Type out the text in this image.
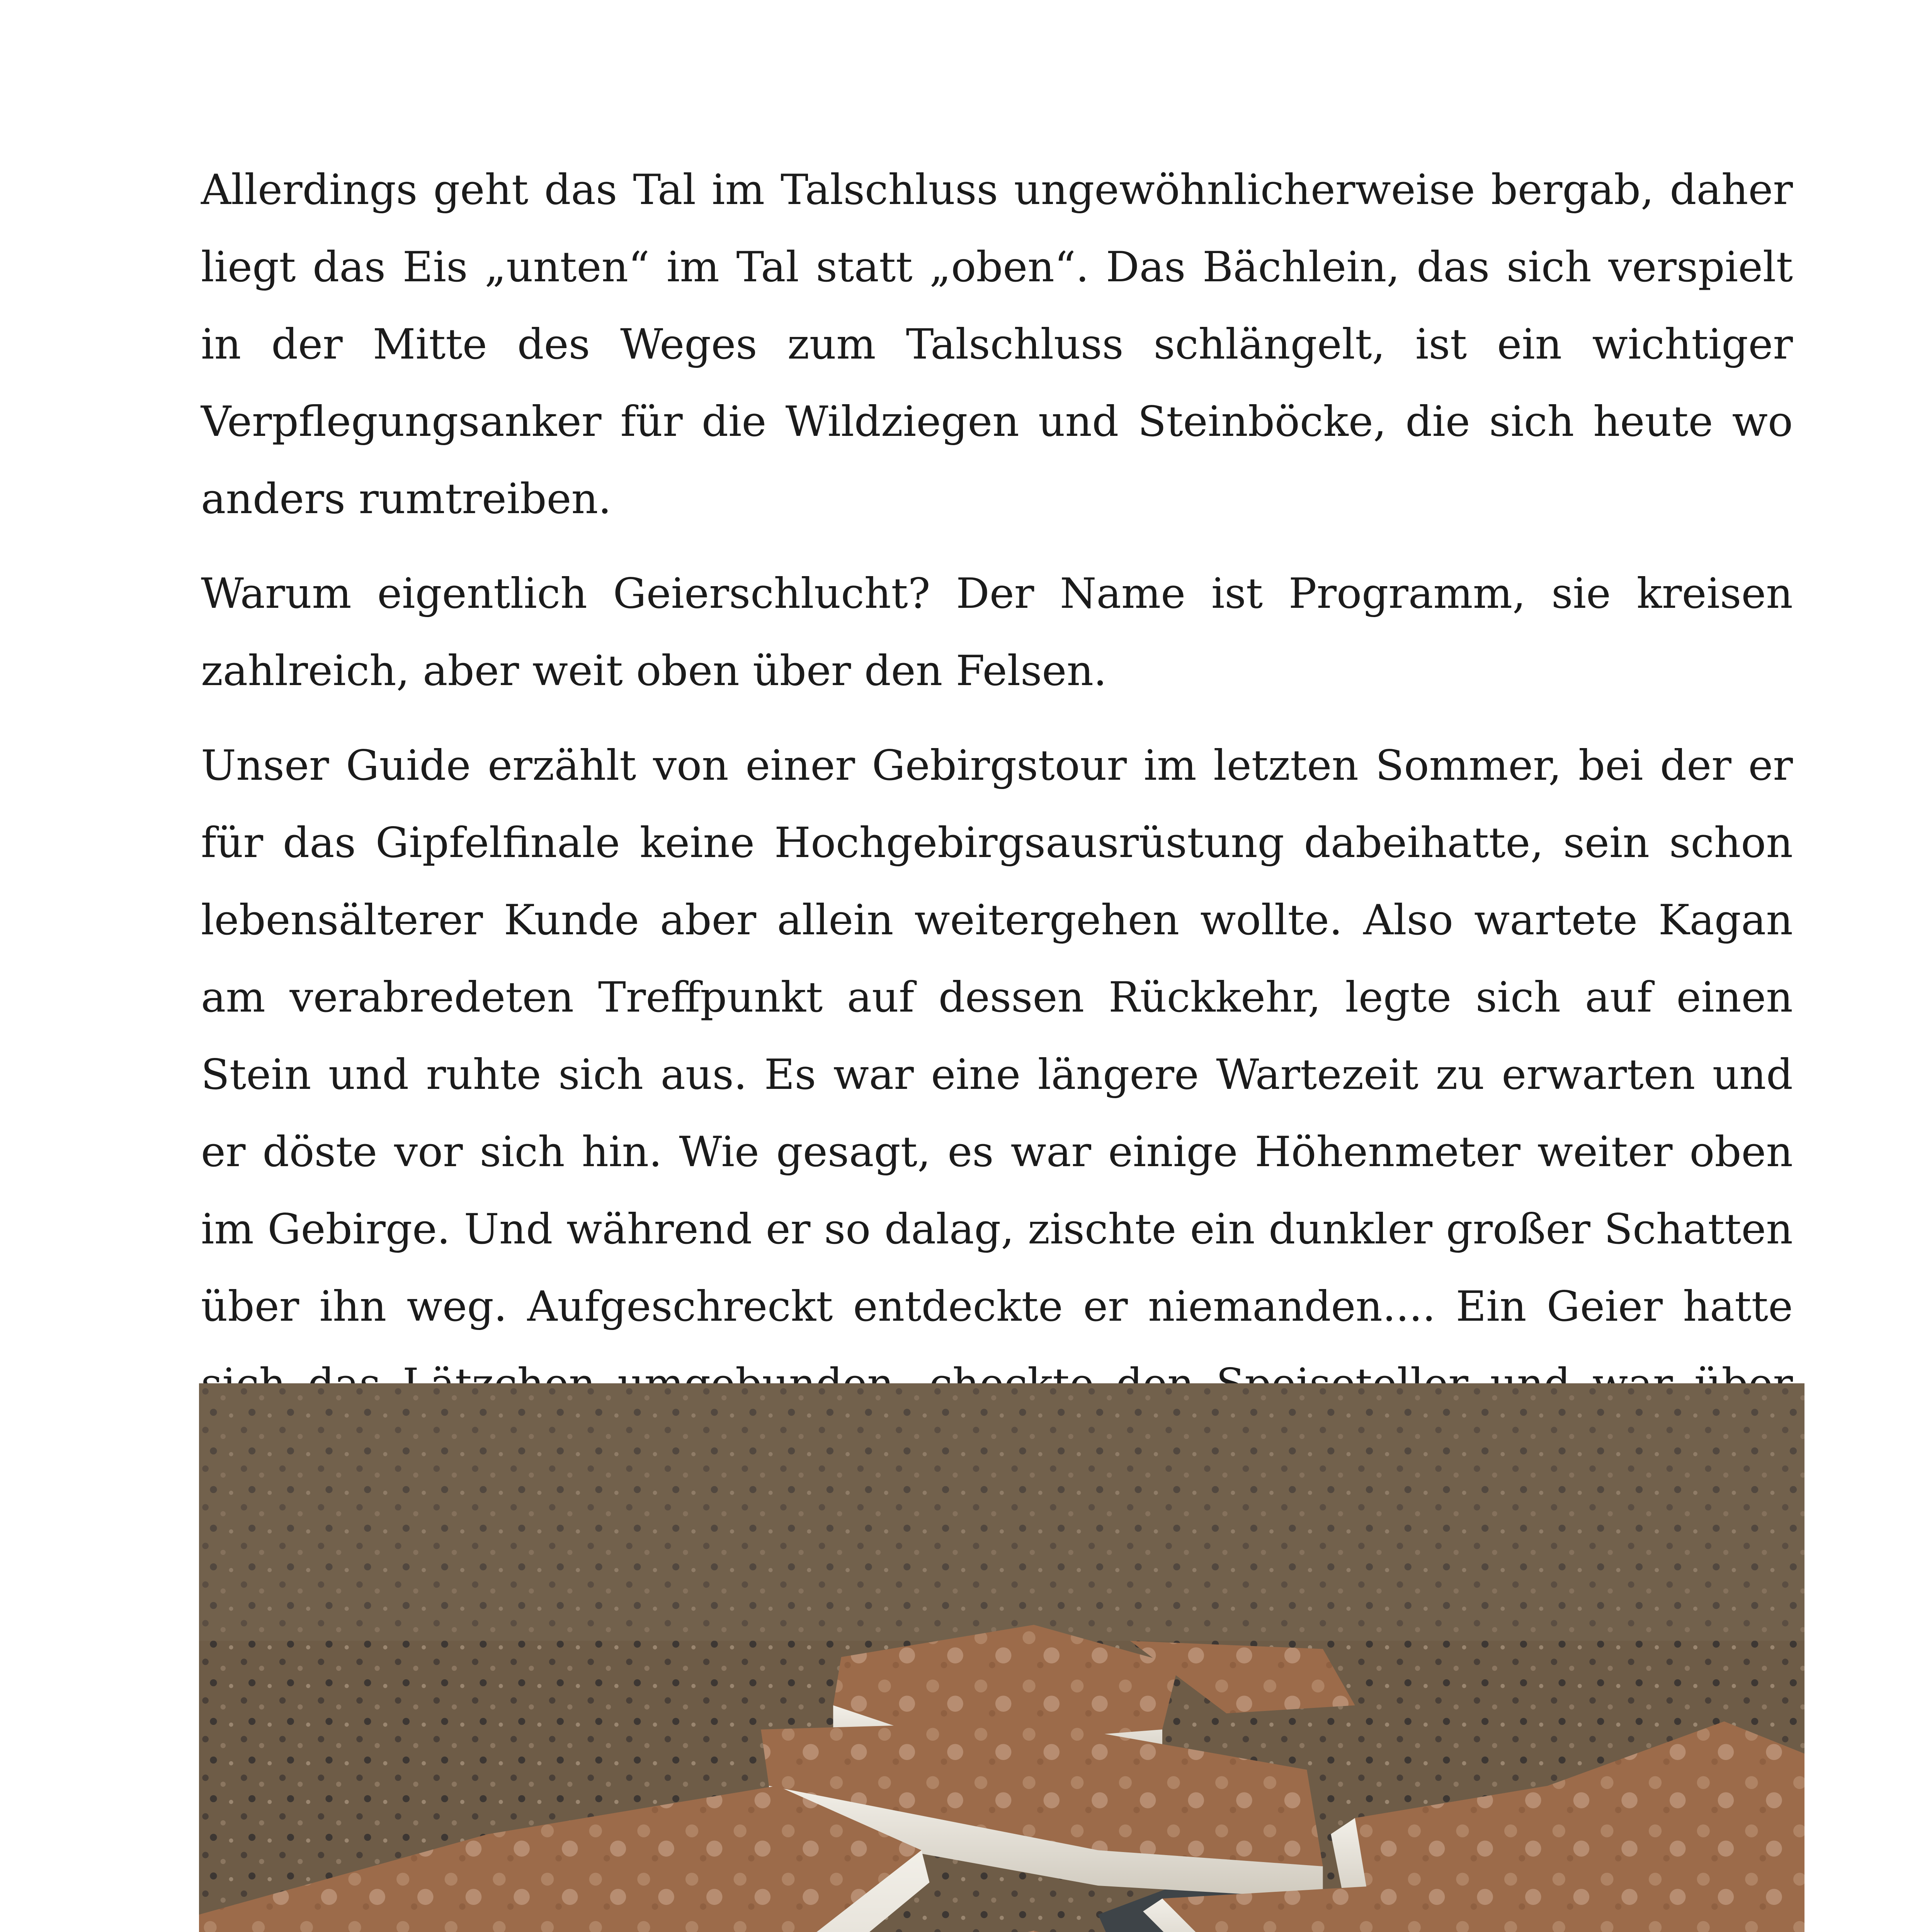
Allerdings geht das Tal im Talschluss ungewöhnlicherweise bergab, daher liegt das Eis „unten“ im Tal statt „oben“. Das Bächlein, das sich verspielt in der Mitte des Weges zum Talschluss schlängelt, ist ein wichtiger Verpflegungsanker für die Wildziegen und Steinböcke, die sich heute wo anders rumtreiben.

Warum eigentlich Geierschlucht? Der Name ist Programm, sie kreisen zahlreich, aber weit oben über den Felsen.

Unser Guide erzählt von einer Gebirgstour im letzten Sommer, bei der er für das Gipfelfinale keine Hochgebirgsausrüstung dabeihatte, sein schon lebensälterer Kunde aber allein weitergehen wollte. Also wartete Kagan am verabredeten Treffpunkt auf dessen Rückkehr, legte sich auf einen Stein und ruhte sich aus. Es war eine längere Wartezeit zu erwarten und er döste vor sich hin. Wie gesagt, es war einige Höhenmeter weiter oben im Gebirge. Und während er so dalag, zischte ein dunkler großer Schatten über ihn weg. Aufgeschreckt entdeckte er niemanden.... Ein Geier hatte
